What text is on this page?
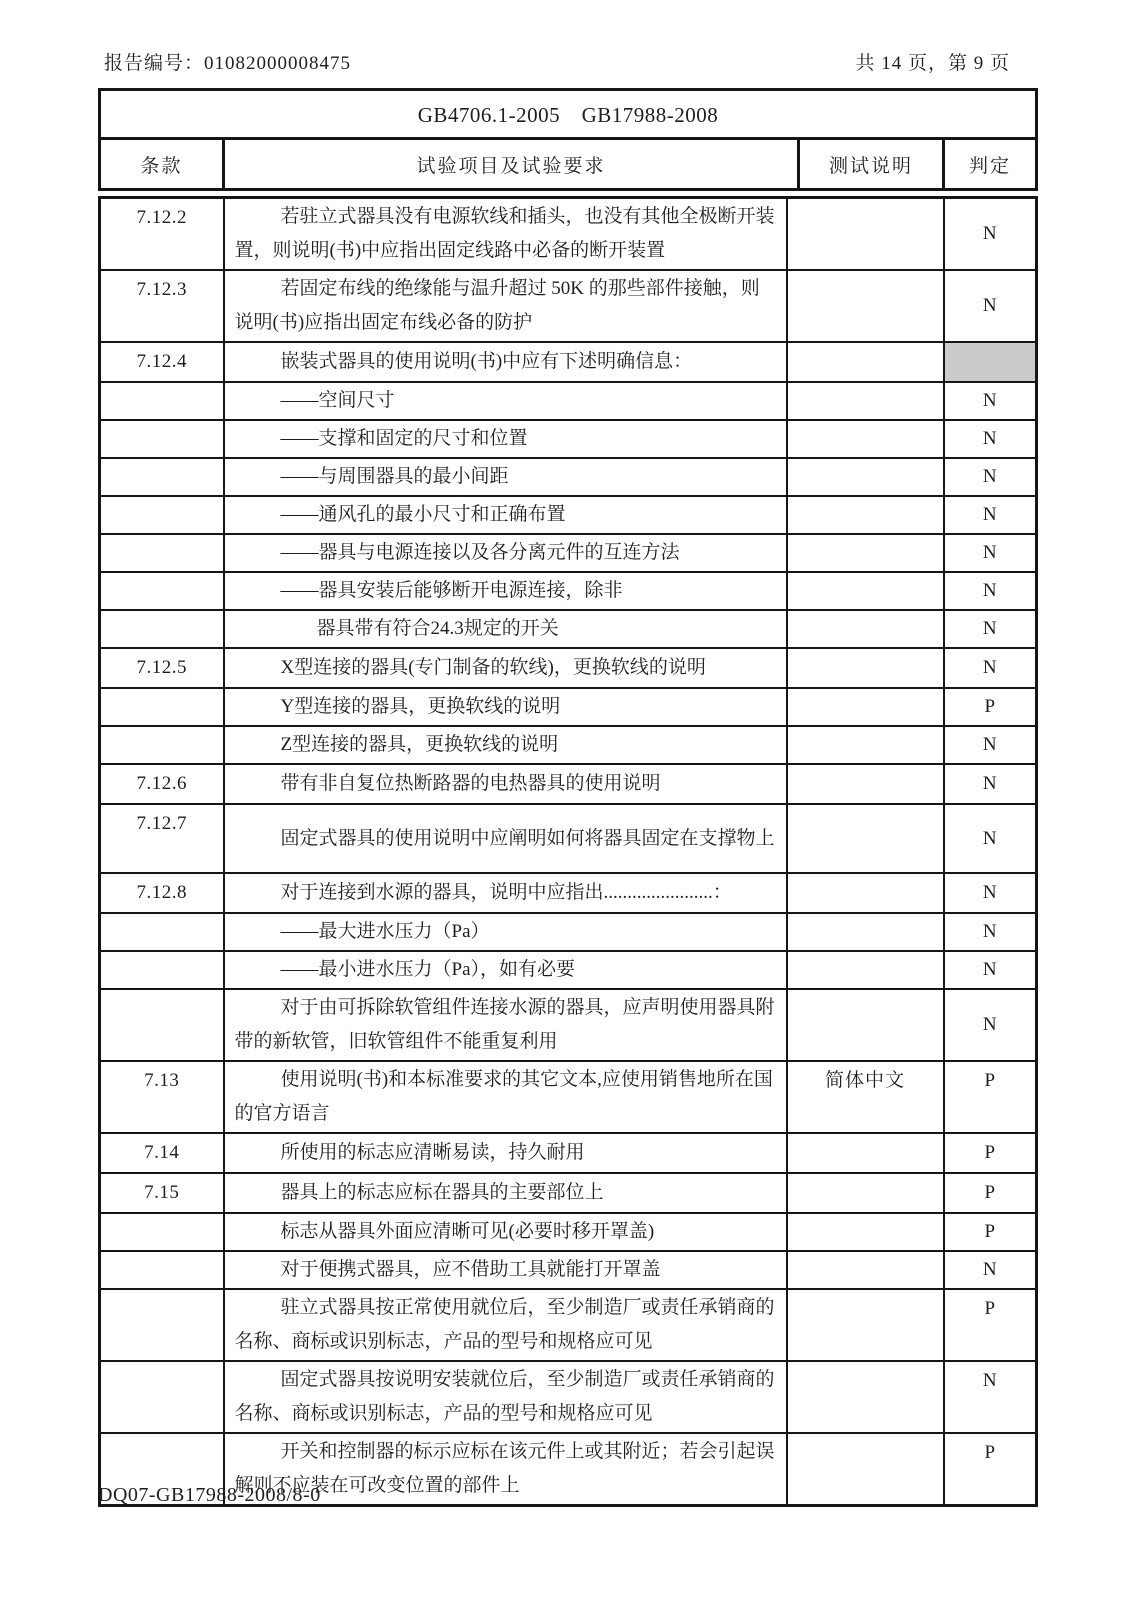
报告编号：01082000008475	共 14 页，第 9 页
GB4706.1-2005　GB17988-2008
条款	试验项目及试验要求	测试说明	判定
7.12.2	若驻立式器具没有电源软线和插头，也没有其他全极断开装置，则说明(书)中应指出固定线路中必备的断开装置		N
7.12.3	若固定布线的绝缘能与温升超过 50K 的那些部件接触，则说明(书)应指出固定布线必备的防护		N
7.12.4	嵌装式器具的使用说明(书)中应有下述明确信息：		

	——空间尺寸		N

	——支撑和固定的尺寸和位置		N

	——与周围器具的最小间距		N

	——通风孔的最小尺寸和正确布置		N

	——器具与电源连接以及各分离元件的互连方法		N

	——器具安装后能够断开电源连接，除非		N

	器具带有符合24.3规定的开关		N
7.12.5	X型连接的器具(专门制备的软线)，更换软线的说明		N

	Y型连接的器具，更换软线的说明		P

	Z型连接的器具，更换软线的说明		N
7.12.6	带有非自复位热断路器的电热器具的使用说明		N
7.12.7	固定式器具的使用说明中应阐明如何将器具固定在支撑物上		N
7.12.8	对于连接到水源的器具，说明中应指出.......................：		N

	——最大进水压力（Pa）		N

	——最小进水压力（Pa），如有必要		N

	对于由可拆除软管组件连接水源的器具，应声明使用器具附带的新软管，旧软管组件不能重复利用		N
7.13	使用说明(书)和本标准要求的其它文本,应使用销售地所在国的官方语言	简体中文	P
7.14	所使用的标志应清晰易读，持久耐用		P
7.15	器具上的标志应标在器具的主要部位上		P

	标志从器具外面应清晰可见(必要时移开罩盖)		P

	对于便携式器具，应不借助工具就能打开罩盖		N

	驻立式器具按正常使用就位后，至少制造厂或责任承销商的名称、商标或识别标志，产品的型号和规格应可见		P

	固定式器具按说明安装就位后，至少制造厂或责任承销商的名称、商标或识别标志，产品的型号和规格应可见		N

	开关和控制器的标示应标在该元件上或其附近；若会引起误解则不应装在可改变位置的部件上		P
DQ07-GB17988-2008/8-0
